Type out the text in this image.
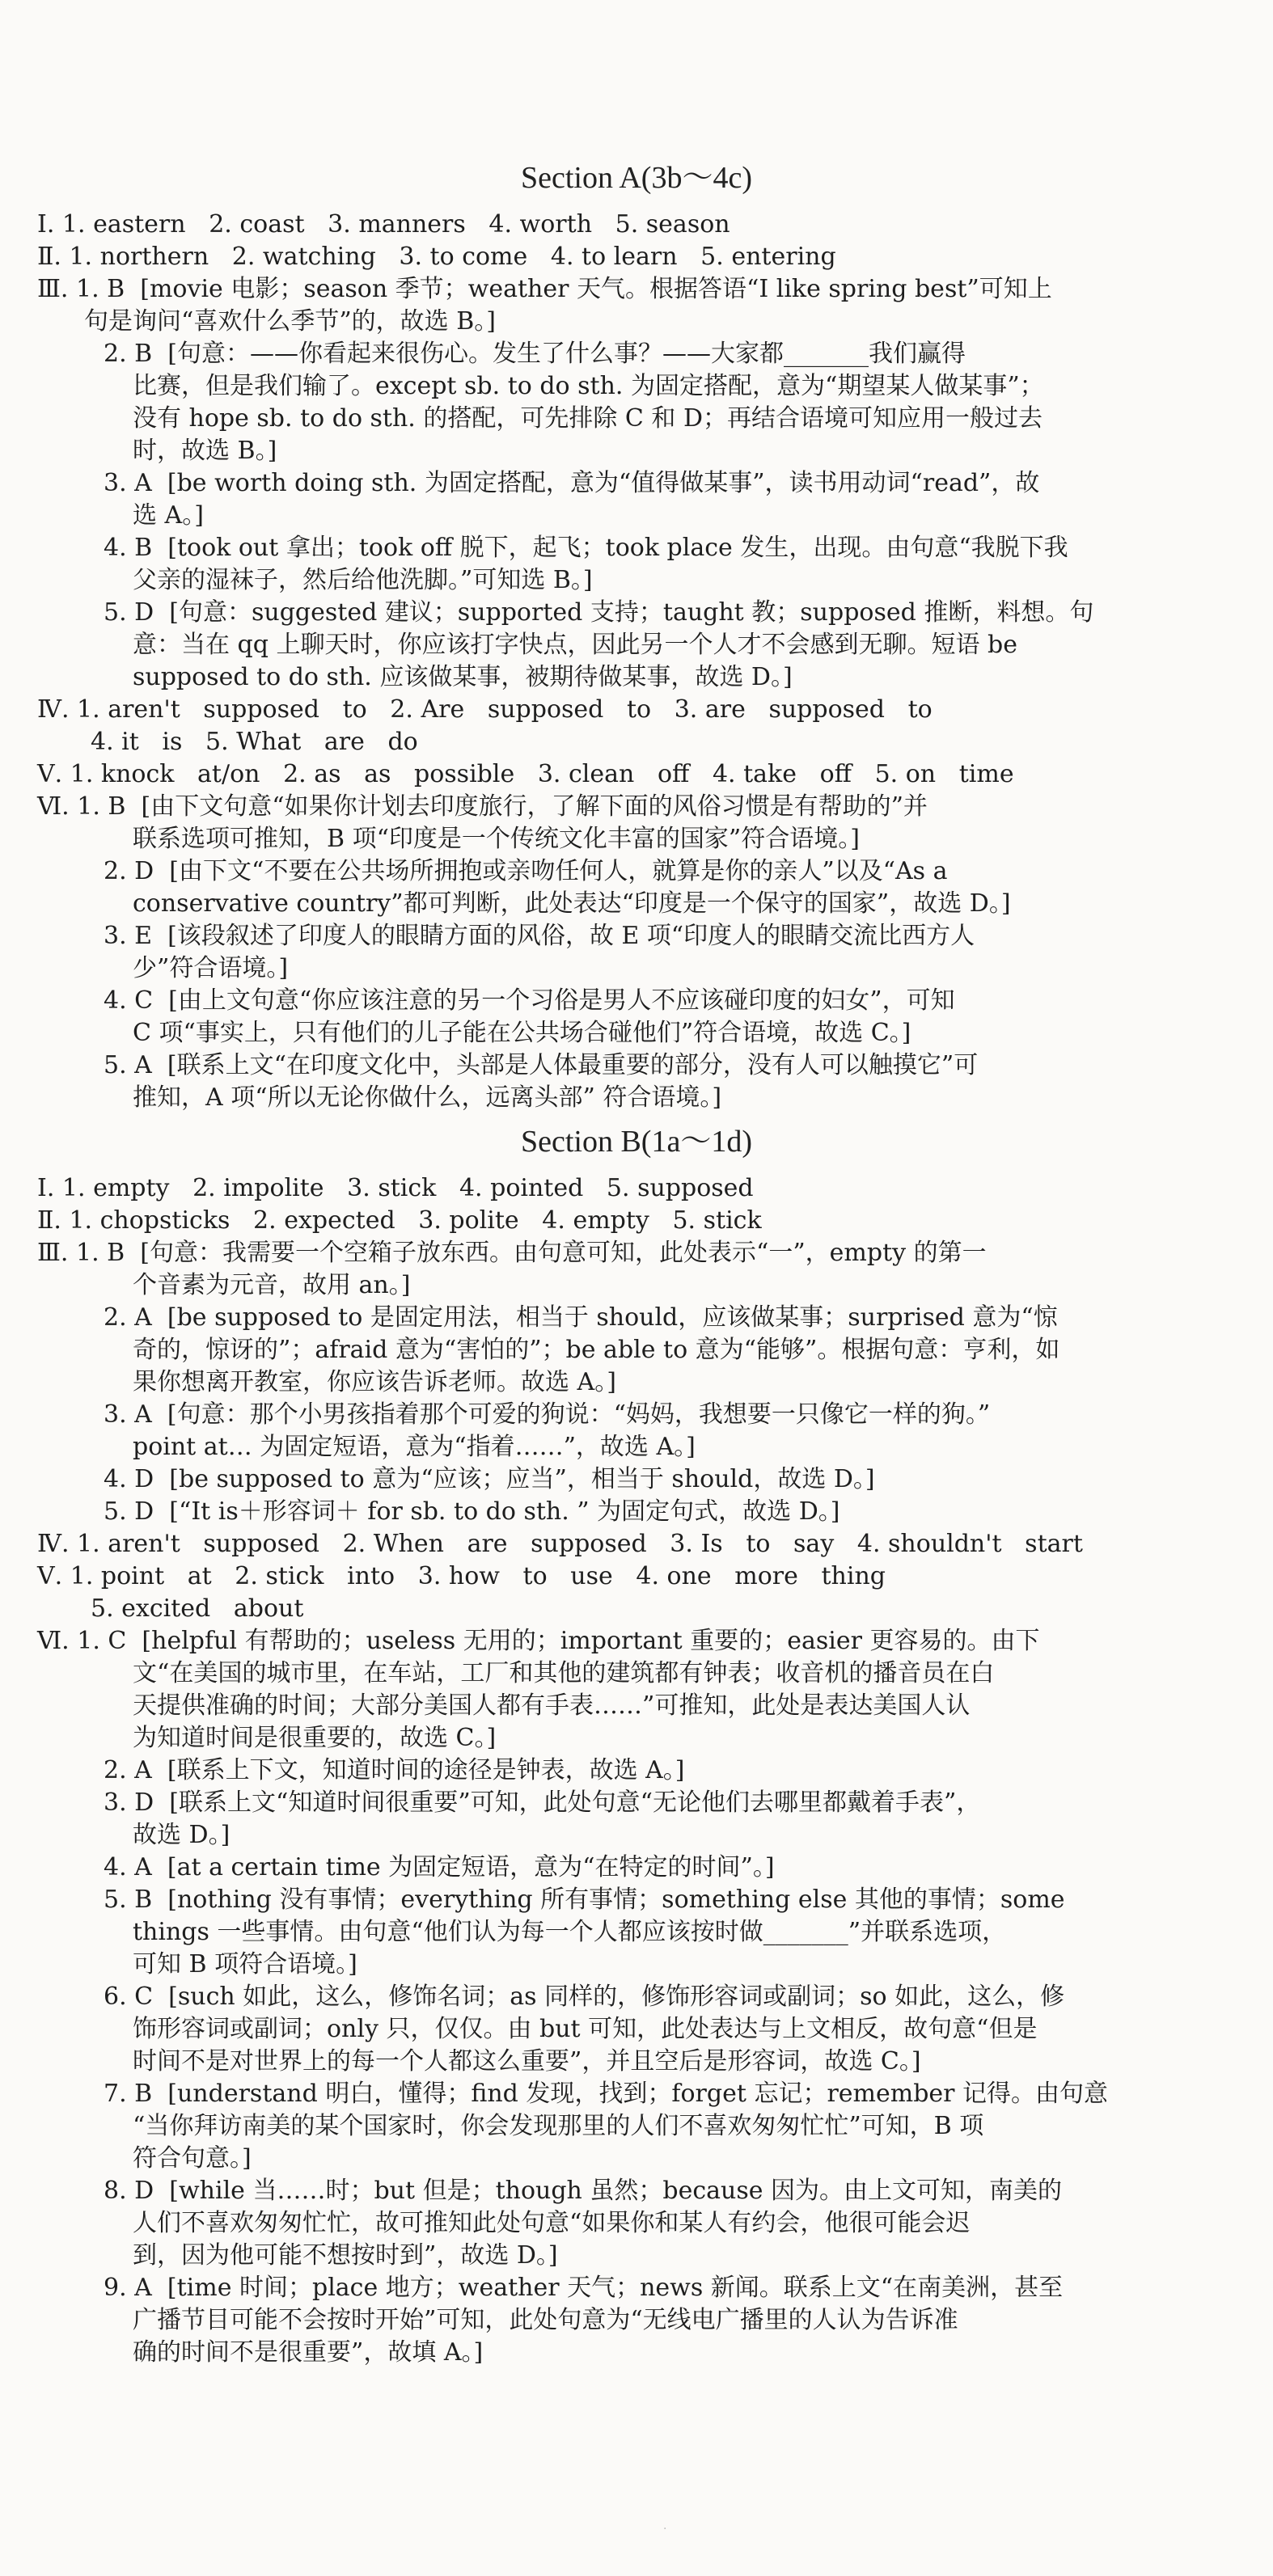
Section A(3b～4c)
Section B(1a～1d)
Ⅰ. 1. eastern   2. coast   3. manners   4. worth   5. season
Ⅱ. 1. northern   2. watching   3. to come   4. to learn   5. entering
Ⅲ. 1. B  [movie 电影；season 季节；weather 天气。根据答语“I like spring best”可知上
句是询问“喜欢什么季节”的，故选 B。]
2. B  [句意：——你看起来很伤心。发生了什么事？——大家都_______我们赢得
比赛，但是我们输了。except sb. to do sth. 为固定搭配，意为“期望某人做某事”；
没有 hope sb. to do sth. 的搭配，可先排除 C 和 D；再结合语境可知应用一般过去
时，故选 B。]
3. A  [be worth doing sth. 为固定搭配，意为“值得做某事”，读书用动词“read”，故
选 A。]
4. B  [took out 拿出；took off 脱下，起飞；took place 发生，出现。由句意“我脱下我
父亲的湿袜子，然后给他洗脚。”可知选 B。]
5. D  [句意：suggested 建议；supported 支持；taught 教；supposed 推断，料想。句
意：当在 qq 上聊天时，你应该打字快点，因此另一个人才不会感到无聊。短语 be
supposed to do sth. 应该做某事，被期待做某事，故选 D。]
Ⅳ. 1. aren't   supposed   to   2. Are   supposed   to   3. are   supposed   to
4. it   is   5. What   are   do
Ⅴ. 1. knock   at/on   2. as   as   possible   3. clean   off   4. take   off   5. on   time
Ⅵ. 1. B  [由下文句意“如果你计划去印度旅行，了解下面的风俗习惯是有帮助的”并
联系选项可推知，B 项“印度是一个传统文化丰富的国家”符合语境。]
2. D  [由下文“不要在公共场所拥抱或亲吻任何人，就算是你的亲人”以及“As a
conservative country”都可判断，此处表达“印度是一个保守的国家”，故选 D。]
3. E  [该段叙述了印度人的眼睛方面的风俗，故 E 项“印度人的眼睛交流比西方人
少”符合语境。]
4. C  [由上文句意“你应该注意的另一个习俗是男人不应该碰印度的妇女”，可知
C 项“事实上，只有他们的儿子能在公共场合碰他们”符合语境，故选 C。]
5. A  [联系上文“在印度文化中，头部是人体最重要的部分，没有人可以触摸它”可
推知，A 项“所以无论你做什么，远离头部” 符合语境。]
Ⅰ. 1. empty   2. impolite   3. stick   4. pointed   5. supposed
Ⅱ. 1. chopsticks   2. expected   3. polite   4. empty   5. stick
Ⅲ. 1. B  [句意：我需要一个空箱子放东西。由句意可知，此处表示“一”，empty 的第一
个音素为元音，故用 an。]
2. A  [be supposed to 是固定用法，相当于 should，应该做某事；surprised 意为“惊
奇的，惊讶的”；afraid 意为“害怕的”；be able to 意为“能够”。根据句意：亨利，如
果你想离开教室，你应该告诉老师。故选 A。]
3. A  [句意：那个小男孩指着那个可爱的狗说：“妈妈，我想要一只像它一样的狗。”
point at… 为固定短语，意为“指着……”，故选 A。]
4. D  [be supposed to 意为“应该；应当”，相当于 should，故选 D。]
5. D  [“It is＋形容词＋ for sb. to do sth. ” 为固定句式，故选 D。]
Ⅳ. 1. aren't   supposed   2. When   are   supposed   3. Is   to   say   4. shouldn't   start
Ⅴ. 1. point   at   2. stick   into   3. how   to   use   4. one   more   thing
5. excited   about
Ⅵ. 1. C  [helpful 有帮助的；useless 无用的；important 重要的；easier 更容易的。由下
文“在美国的城市里，在车站，工厂和其他的建筑都有钟表；收音机的播音员在白
天提供准确的时间；大部分美国人都有手表……”可推知，此处是表达美国人认
为知道时间是很重要的，故选 C。]
2. A  [联系上下文，知道时间的途径是钟表，故选 A。]
3. D  [联系上文“知道时间很重要”可知，此处句意“无论他们去哪里都戴着手表”，
故选 D。]
4. A  [at a certain time 为固定短语，意为“在特定的时间”。]
5. B  [nothing 没有事情；everything 所有事情；something else 其他的事情；some
things 一些事情。由句意“他们认为每一个人都应该按时做_______”并联系选项，
可知 B 项符合语境。]
6. C  [such 如此，这么，修饰名词；as 同样的，修饰形容词或副词；so 如此，这么，修
饰形容词或副词；only 只，仅仅。由 but 可知，此处表达与上文相反，故句意“但是
时间不是对世界上的每一个人都这么重要”，并且空后是形容词，故选 C。]
7. B  [understand 明白，懂得；find 发现，找到；forget 忘记；remember 记得。由句意
“当你拜访南美的某个国家时，你会发现那里的人们不喜欢匆匆忙忙”可知，B 项
符合句意。]
8. D  [while 当……时；but 但是；though 虽然；because 因为。由上文可知，南美的
人们不喜欢匆匆忙忙，故可推知此处句意“如果你和某人有约会，他很可能会迟
到，因为他可能不想按时到”，故选 D。]
9. A  [time 时间；place 地方；weather 天气；news 新闻。联系上文“在南美洲，甚至
广播节目可能不会按时开始”可知，此处句意为“无线电广播里的人认为告诉准
确的时间不是很重要”，故填 A。]
·
